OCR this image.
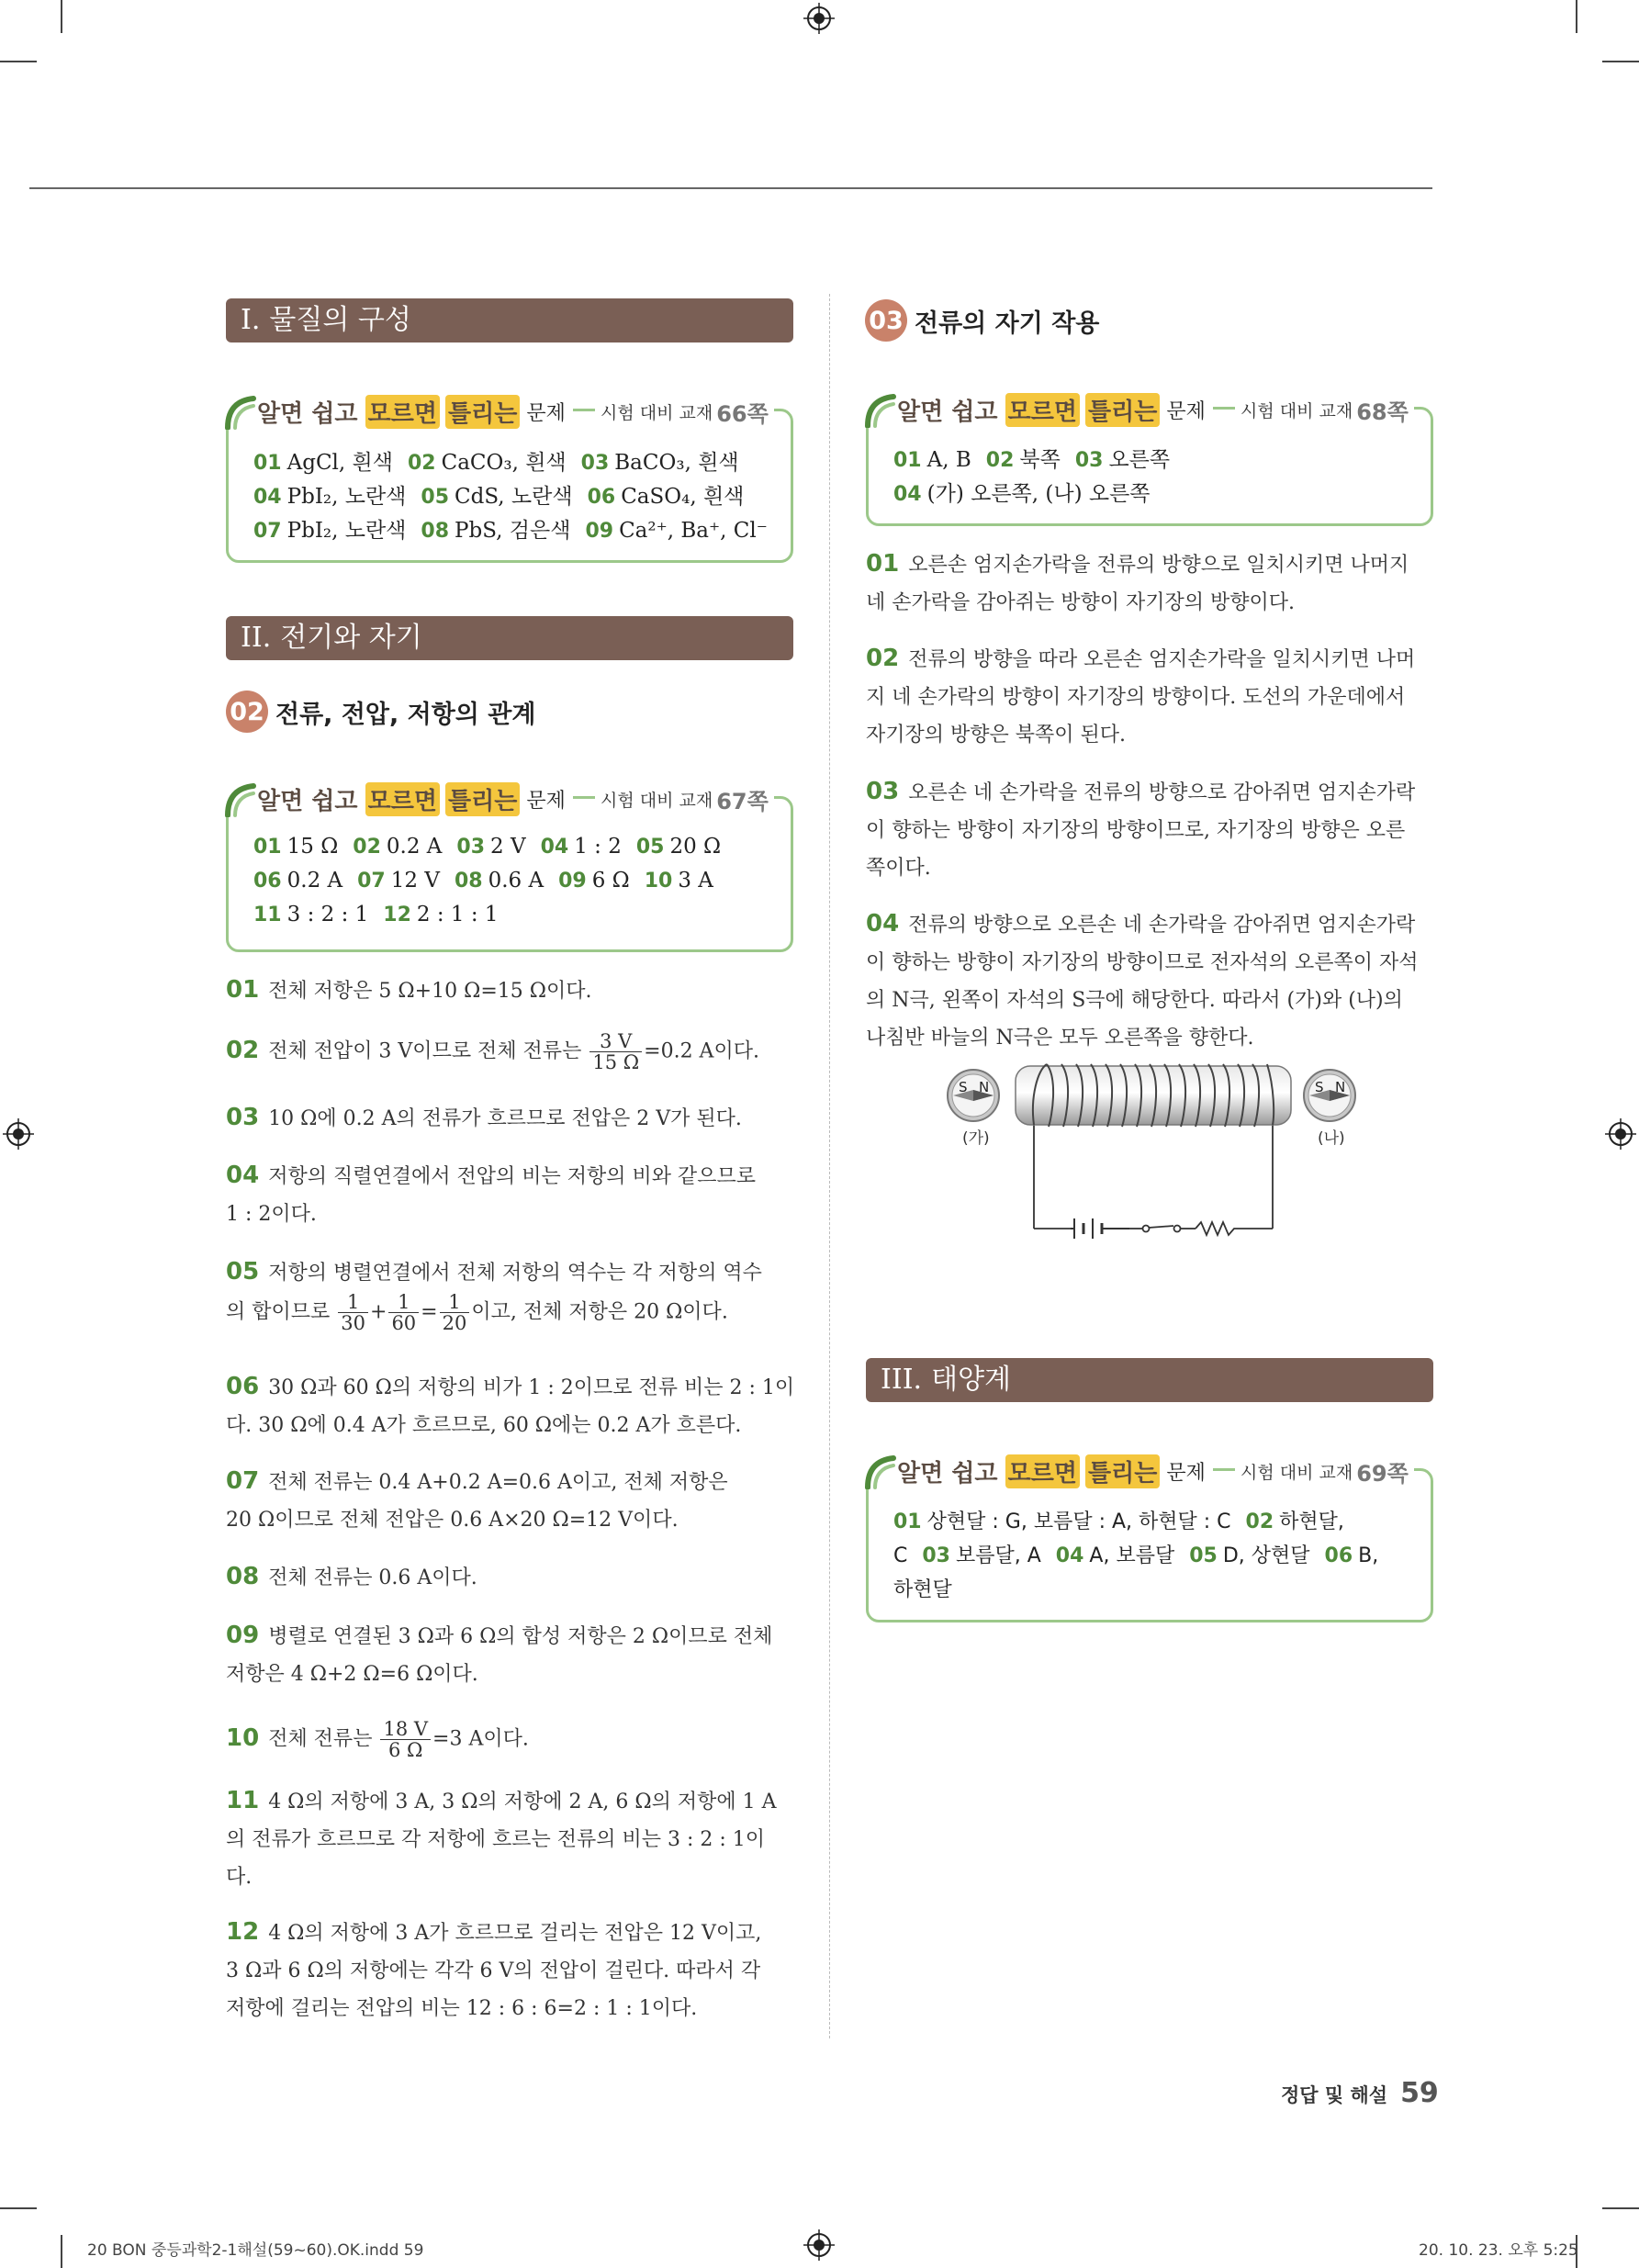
I. 물질의 구성
알면 쉽고
모르면 틀리는 문제 시험 대비 교재 66쪽
01 AgCl, 흰색 02 CaCO₃, 흰색 03 BaCO₃, 흰색
04 PbI₂, 노란색 05 CdS, 노란색 06 CaSO₄, 흰색
07 PbI₂, 노란색 08 PbS, 검은색 09 Ca²⁺, Ba⁺, Cl⁻
II. 전기와 자기
02 전류, 전압, 저항의 관계
알면 쉽고
모르면 틀리는 문제 시험 대비 교재 67쪽
01 15 Ω 02 0.2 A 03 2 V 04 1 : 2 05 20 Ω
06 0.2 A 07 12 V 08 0.6 A 09 6 Ω 10 3 A
11 3 : 2 : 1 12 2 : 1 : 1
01 전체 저항은 5 Ω+10 Ω=15 Ω이다.
02 전체 전압이 3 V이므로 전체 전류는 $\frac{3 V}{15 \Omega} =0.2$ A이다.
03 10 Ω에 0.2 A의 전류가 흐르므로 전압은 2 V가 된다.
04 저항의 직렬연결에서 전압의 비는 저항의 비와 같으므로
1 : 2이다.
05 저항의 병렬연결에서 전체 저항의 역수는 각 저항의 역수
의 합이므로 $\frac{1}{30} + \frac{1}{60} = \frac{1}{20}$ 이고, 전체 저항은 20 Ω이다.
06 30 Ω과 60 Ω의 저항의 비가 1 : 2이므로 전류 비는 2 : 1이
다. 30 Ω에 0.4 A가 흐르므로, 60 Ω에는 0.2 A가 흐른다.
07 전체 전류는 0.4 A+0.2 A=0.6 A이고, 전체 저항은
20 Ω이므로 전체 전압은 0.6 A×20 Ω=12 V이다.
08 전체 전류는 0.6 A이다.
09 병렬로 연결된 3 Ω과 6 Ω의 합성 저항은 2 Ω이므로 전체
저항은 4 Ω+2 Ω=6 Ω이다.
10 전체 전류는 $\frac{18 V}{6 \Omega} =3$ A이다.
11 4 Ω의 저항에 3 A, 3 Ω의 저항에 2 A, 6 Ω의 저항에 1 A
의 전류가 흐르므로 각 저항에 흐르는 전류의 비는 3 : 2 : 1이
다.
12 4 Ω의 저항에 3 A가 흐르므로 걸리는 전압은 12 V이고,
3 Ω과 6 Ω의 저항에는 각각 6 V의 전압이 걸린다. 따라서 각
저항에 걸리는 전압의 비는 12 : 6 : 6=2 : 1 : 1이다.
03 전류의 자기 작용
알면 쉽고
모르면 틀리는 문제 시험 대비 교재 68쪽
01 A, B 02 북쪽 03 오른쪽
04 (가) 오른쪽, (나) 오른쪽
01 오른손 엄지손가락을 전류의 방향으로 일치시키면 나머지
네 손가락을 감아쥐는 방향이 자기장의 방향이다.
02 전류의 방향을 따라 오른손 엄지손가락을 일치시키면 나머
지 네 손가락의 방향이 자기장의 방향이다. 도선의 가운데에서
자기장의 방향은 북쪽이 된다.
03 오른손 네 손가락을 전류의 방향으로 감아쥐면 엄지손가락
이 향하는 방향이 자기장의 방향이므로, 자기장의 방향은 오른
쪽이다.
04 전류의 방향으로 오른손 네 손가락을 감아쥐면 엄지손가락
이 향하는 방향이 자기장의 방향이므로 전자석의 오른쪽이 자석
의 N극, 왼쪽이 자석의 S극에 해당한다. 따라서 (가)와 (나)의
나침반 바늘의 N극은 모두 오른쪽을 향한다.
S N	S N
(가)	(나)
III. 태양계
알면 쉽고
모르면 틀리는 문제 시험 대비 교재 69쪽
01 상현달 : G, 보름달 : A, 하현달 : C 02 하현달,
C 03 보름달, A 04 A, 보름달 05 D, 상현달 06 B,
하현달
정답 및 해설 59
20 BON 중등과학2-1해설(59~60).OK.indd 59	20. 10. 23. 오후 5:25
